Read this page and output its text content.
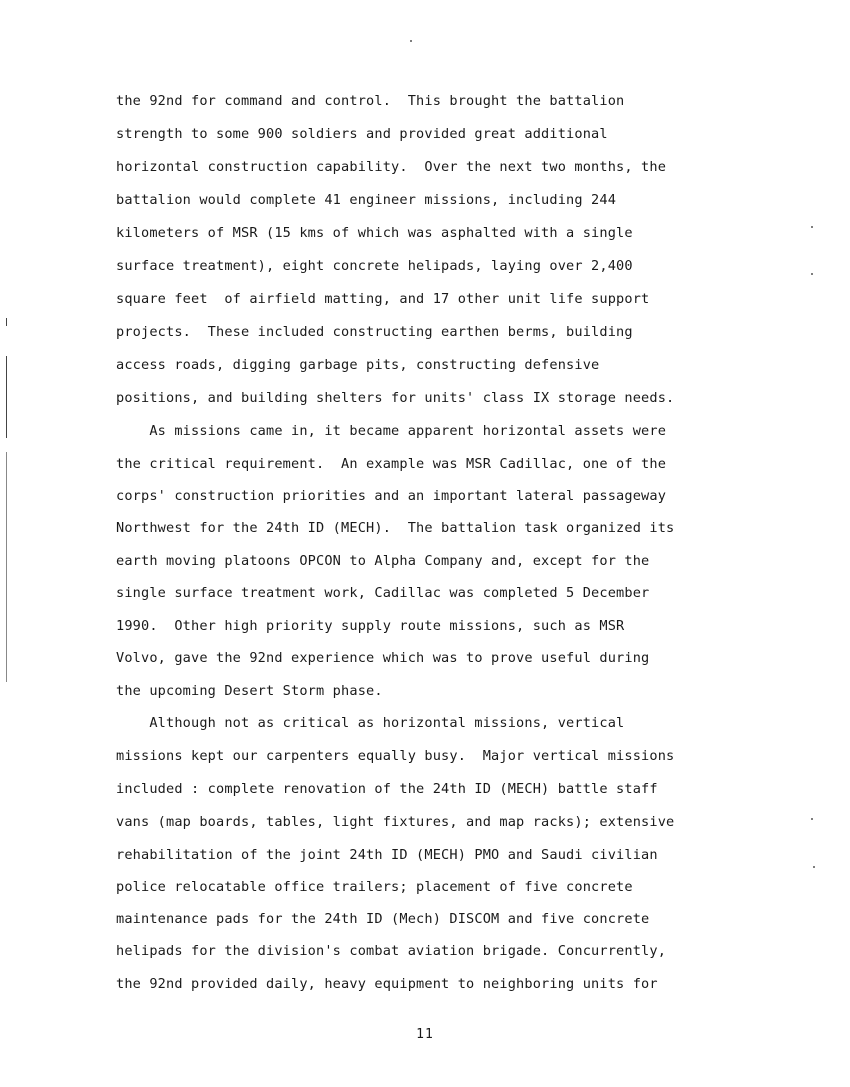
the 92nd for command and control.  This brought the battalion
strength to some 900 soldiers and provided great additional
horizontal construction capability.  Over the next two months, the
battalion would complete 41 engineer missions, including 244
kilometers of MSR (15 kms of which was asphalted with a single
surface treatment), eight concrete helipads, laying over 2,400
square feet  of airfield matting, and 17 other unit life support
projects.  These included constructing earthen berms, building
access roads, digging garbage pits, constructing defensive
positions, and building shelters for units' class IX storage needs.
As missions came in, it became apparent horizontal assets were
the critical requirement.  An example was MSR Cadillac, one of the
corps' construction priorities and an important lateral passageway
Northwest for the 24th ID (MECH).  The battalion task organized its
earth moving platoons OPCON to Alpha Company and, except for the
single surface treatment work, Cadillac was completed 5 December
1990.  Other high priority supply route missions, such as MSR
Volvo, gave the 92nd experience which was to prove useful during
the upcoming Desert Storm phase.
Although not as critical as horizontal missions, vertical
missions kept our carpenters equally busy.  Major vertical missions
included : complete renovation of the 24th ID (MECH) battle staff
vans (map boards, tables, light fixtures, and map racks); extensive
rehabilitation of the joint 24th ID (MECH) PMO and Saudi civilian
police relocatable office trailers; placement of five concrete
maintenance pads for the 24th ID (Mech) DISCOM and five concrete
helipads for the division's combat aviation brigade. Concurrently,
the 92nd provided daily, heavy equipment to neighboring units for
11
